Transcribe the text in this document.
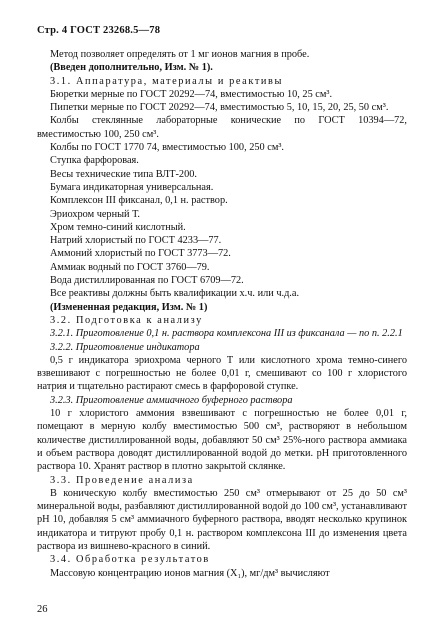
Стр. 4 ГОСТ 23268.5—78

Метод позволяет определять от 1 мг ионов магния в пробе.

(Введен дополнительно, Изм. № 1).

3.1. Аппаратура, материалы и реактивы

Бюретки мерные по ГОСТ 20292—74, вместимостью 10, 25 см³.

Пипетки мерные по ГОСТ 20292—74, вместимостью 5, 10, 15, 20, 25, 50 см³.

Колбы стеклянные лабораторные конические по ГОСТ 10394—72, вместимостью 100, 250 см³.

Колбы по ГОСТ 1770 74, вместимостью 100, 250 см³.

Ступка фарфоровая.

Весы технические типа ВЛТ-200.

Бумага индикаторная универсальная.

Комплексон III фиксанал, 0,1 н. раствор.

Эриохром черный Т.

Хром темно-синий кислотный.

Натрий хлористый по ГОСТ 4233—77.

Аммоний хлористый по ГОСТ 3773—72.

Аммиак водный по ГОСТ 3760—79.

Вода дистиллированная по ГОСТ 6709—72.

Все реактивы должны быть квалификации х.ч. или ч.д.а.

(Измененная редакция, Изм. № 1)

3.2. Подготовка к анализу

3.2.1. Приготовление 0,1 н. раствора комплексона III из фиксанала — по п. 2.2.1

3.2.2. Приготовление индикатора

0,5 г индикатора эриохрома черного Т или кислотного хрома темно-синего взвешивают с погрешностью не более 0,01 г, смешивают со 100 г хлористого натрия и тщательно растирают смесь в фарфоровой ступке.

3.2.3. Приготовление аммиачного буферного раствора

10 г хлористого аммония взвешивают с погрешностью не более 0,01 г, помещают в мерную колбу вместимостью 500 см³, растворяют в небольшом количестве дистиллированной воды, добавляют 50 см³ 25%-ного раствора аммиака и объем раствора доводят дистиллированной водой до метки. pH приготовленного раствора 10. Хранят раствор в плотно закрытой склянке.

3.3. Проведение анализа

В коническую колбу вместимостью 250 см³ отмерывают от 25 до 50 см³ минеральной воды, разбавляют дистиллированной водой до 100 см³, устанавливают pH 10, добавляя 5 см³ аммиачного буферного раствора, вводят несколько крупинок индикатора и титруют пробу 0,1 н. раствором комплексона III до изменения цвета раствора из вишнево-красного в синий.

3.4. Обработка результатов

Массовую концентрацию ионов магния (X₁), мг/дм³ вычисляют

26
